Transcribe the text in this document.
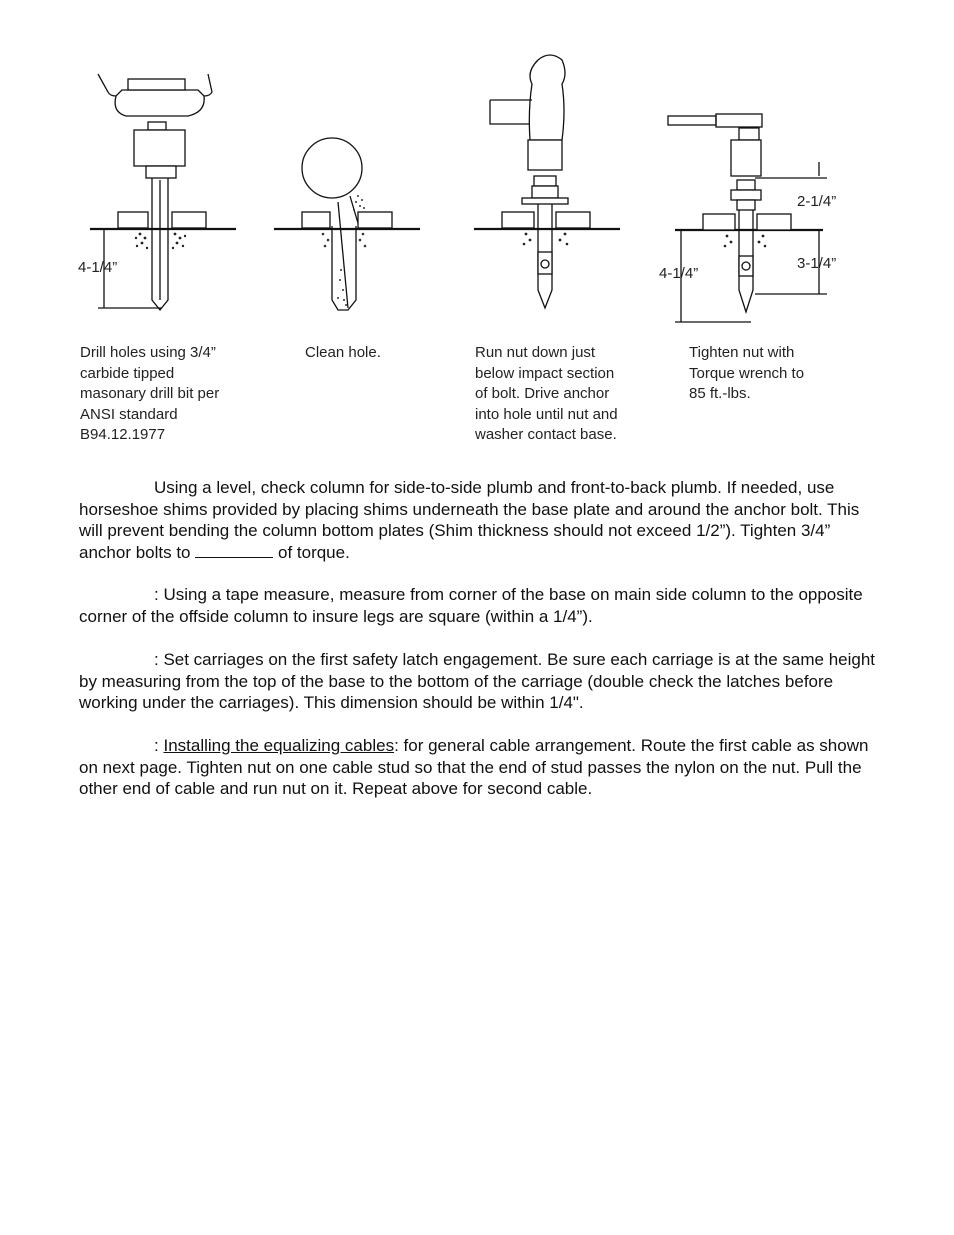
4-1/4”
2-1/4”
3-1/4”
4-1/4”
Drill holes using 3/4”
carbide tipped
masonary drill bit per
ANSI standard
B94.12.1977
Clean hole.	Run nut down just
below impact section
of bolt. Drive anchor
into hole until nut and
washer contact base.
Tighten nut with
Torque wrench to
85 ft.-lbs.

Using a level, check column for side-to-side plumb and front-to-back plumb. If needed, use horseshoe shims provided by placing shims underneath the base plate and around the anchor bolt. This will prevent bending the column bottom plates (Shim thickness should not exceed 1/2”). Tighten 3/4” anchor bolts to	of torque.

: Using a tape measure, measure from corner of the base on main side column to the opposite corner of the offside column to insure legs are square (within a 1/4”).

: Set carriages on the first safety latch engagement. Be sure each carriage is at the same height by measuring from the top of the base to the bottom of the carriage (double check the latches before working under the carriages). This dimension should be within 1/4".

: Installing the equalizing cables: for general cable arrangement. Route the first cable as shown on next page. Tighten nut on one cable stud so that the end of stud passes the nylon on the nut. Pull the other end of cable and run nut on it. Repeat above for second cable.
